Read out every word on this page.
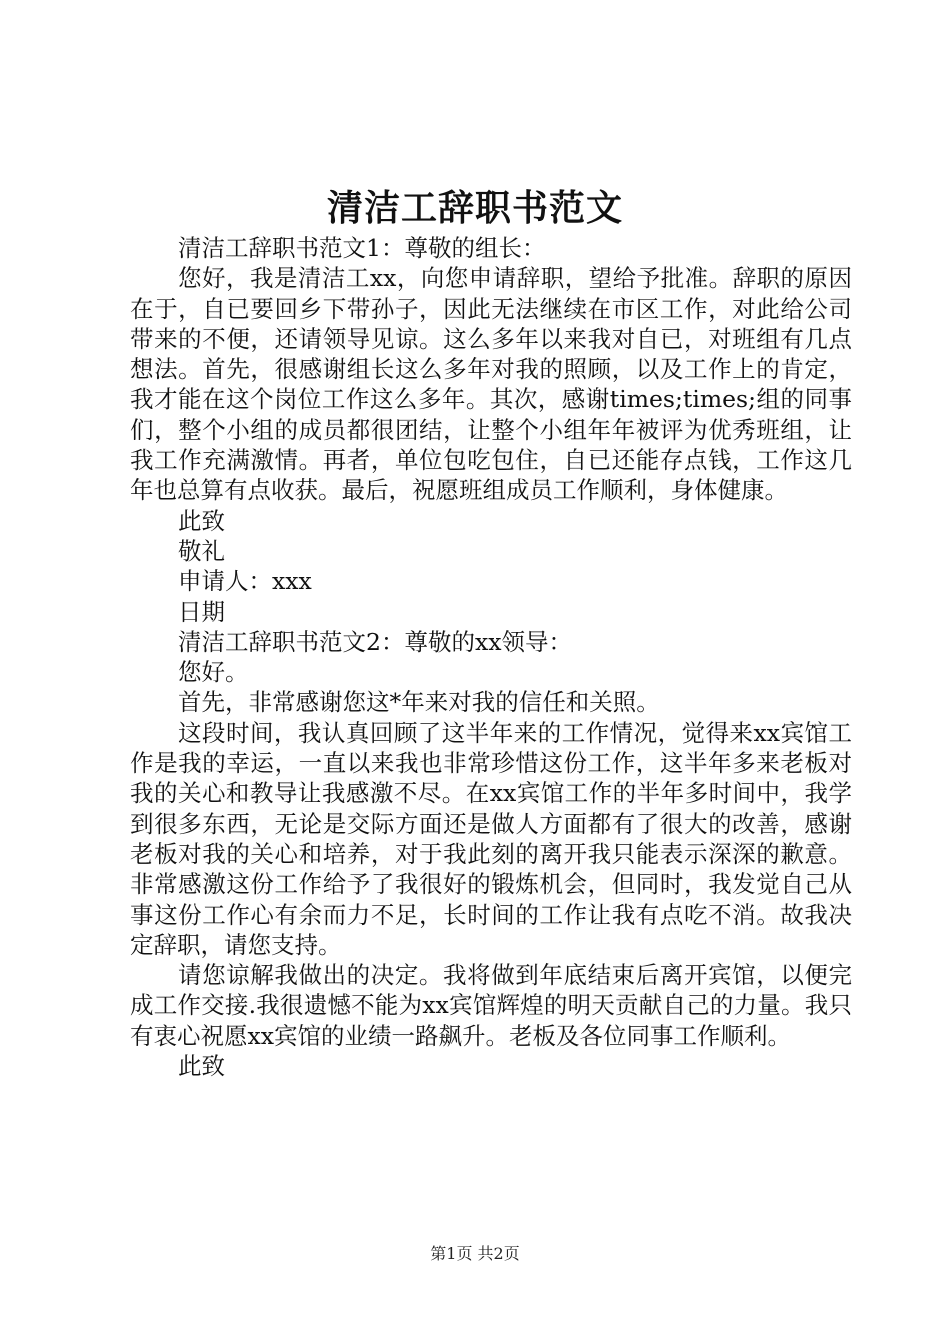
清洁工辞职书范文

清洁工辞职书范文1：尊敬的组长：

您好，我是清洁工xx，向您申请辞职，望给予批准。辞职的原因在于，自已要回乡下带孙子，因此无法继续在市区工作，对此给公司带来的不便，还请领导见谅。这么多年以来我对自已，对班组有几点想法。首先，很感谢组长这么多年对我的照顾，以及工作上的肯定，我才能在这个岗位工作这么多年。其次，感谢times;times;组的同事们，整个小组的成员都很团结，让整个小组年年被评为优秀班组，让我工作充满激情。再者，单位包吃包住，自已还能存点钱，工作这几年也总算有点收获。最后，祝愿班组成员工作顺利，身体健康。

此致

敬礼

申请人：xxx

日期

清洁工辞职书范文2：尊敬的xx领导：

您好。

首先，非常感谢您这*年来对我的信任和关照。

这段时间，我认真回顾了这半年来的工作情况，觉得来xx宾馆工作是我的幸运，一直以来我也非常珍惜这份工作，这半年多来老板对我的关心和教导让我感激不尽。在xx宾馆工作的半年多时间中，我学到很多东西，无论是交际方面还是做人方面都有了很大的改善，感谢老板对我的关心和培养，对于我此刻的离开我只能表示深深的歉意。非常感激这份工作给予了我很好的锻炼机会，但同时，我发觉自己从事这份工作心有余而力不足，长时间的工作让我有点吃不消。故我决定辞职，请您支持。

请您谅解我做出的决定。我将做到年底结束后离开宾馆，以便完成工作交接.我很遗憾不能为xx宾馆辉煌的明天贡献自己的力量。我只有衷心祝愿xx宾馆的业绩一路飙升。老板及各位同事工作顺利。

此致

第1页 共2页
